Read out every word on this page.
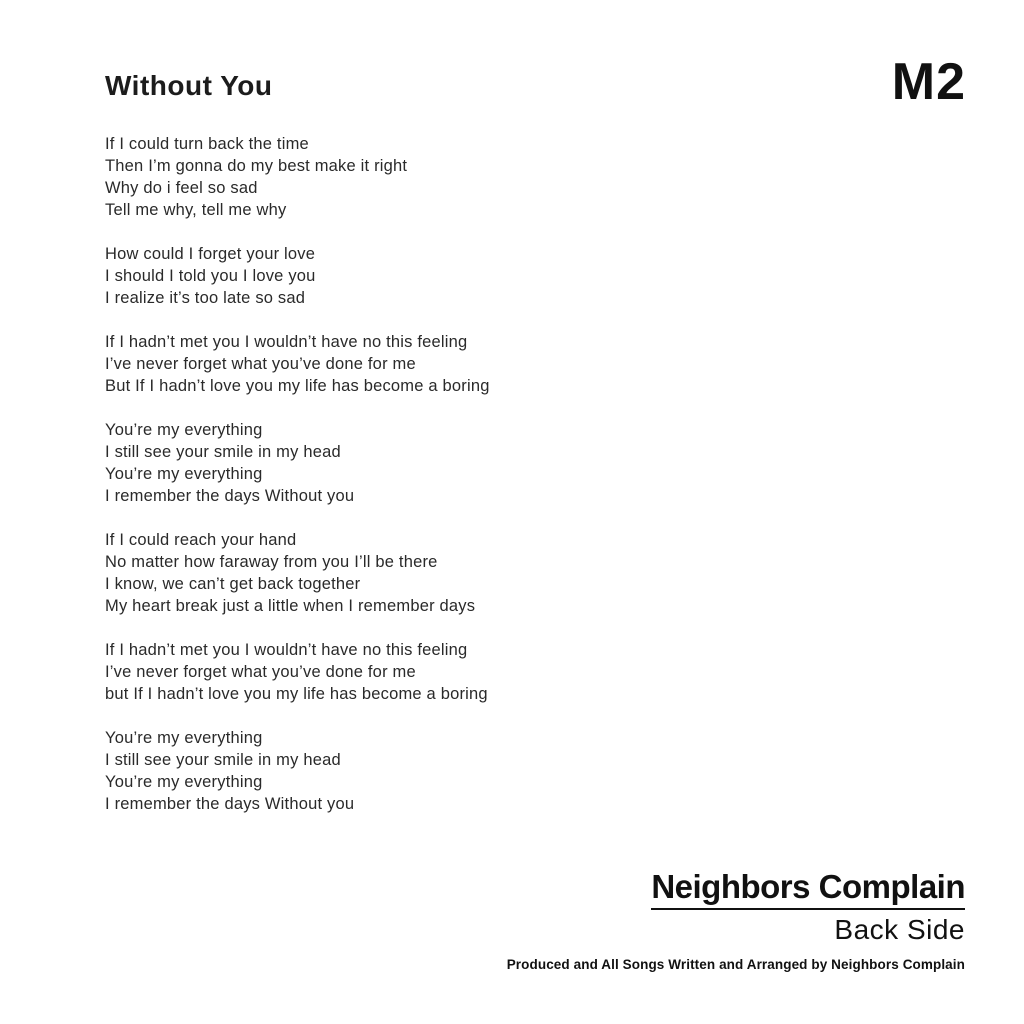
Without You	M2
If I could turn back the time
Then I’m gonna do my best make it right
Why do i feel so sad
Tell me why, tell me why
How could I forget your love
I should I told you I love you
I realize it’s too late so sad
If I hadn’t met you I wouldn’t have no this feeling
I’ve never forget what you’ve done for me
But If I hadn’t love you my life has become a boring
You’re my everything
I still see your smile in my head
You’re my everything
I remember the days Without you
If I could reach your hand
No matter how faraway from you I’ll be there
I know, we can’t get back together
My heart break just a little when I remember days
If I hadn’t met you I wouldn’t have no this feeling
I’ve never forget what you’ve done for me
but If I hadn’t love you my life has become a boring
You’re my everything
I still see your smile in my head
You’re my everything
I remember the days Without you
Neighbors Complain
Back Side
Produced and All Songs Written and Arranged by Neighbors Complain
